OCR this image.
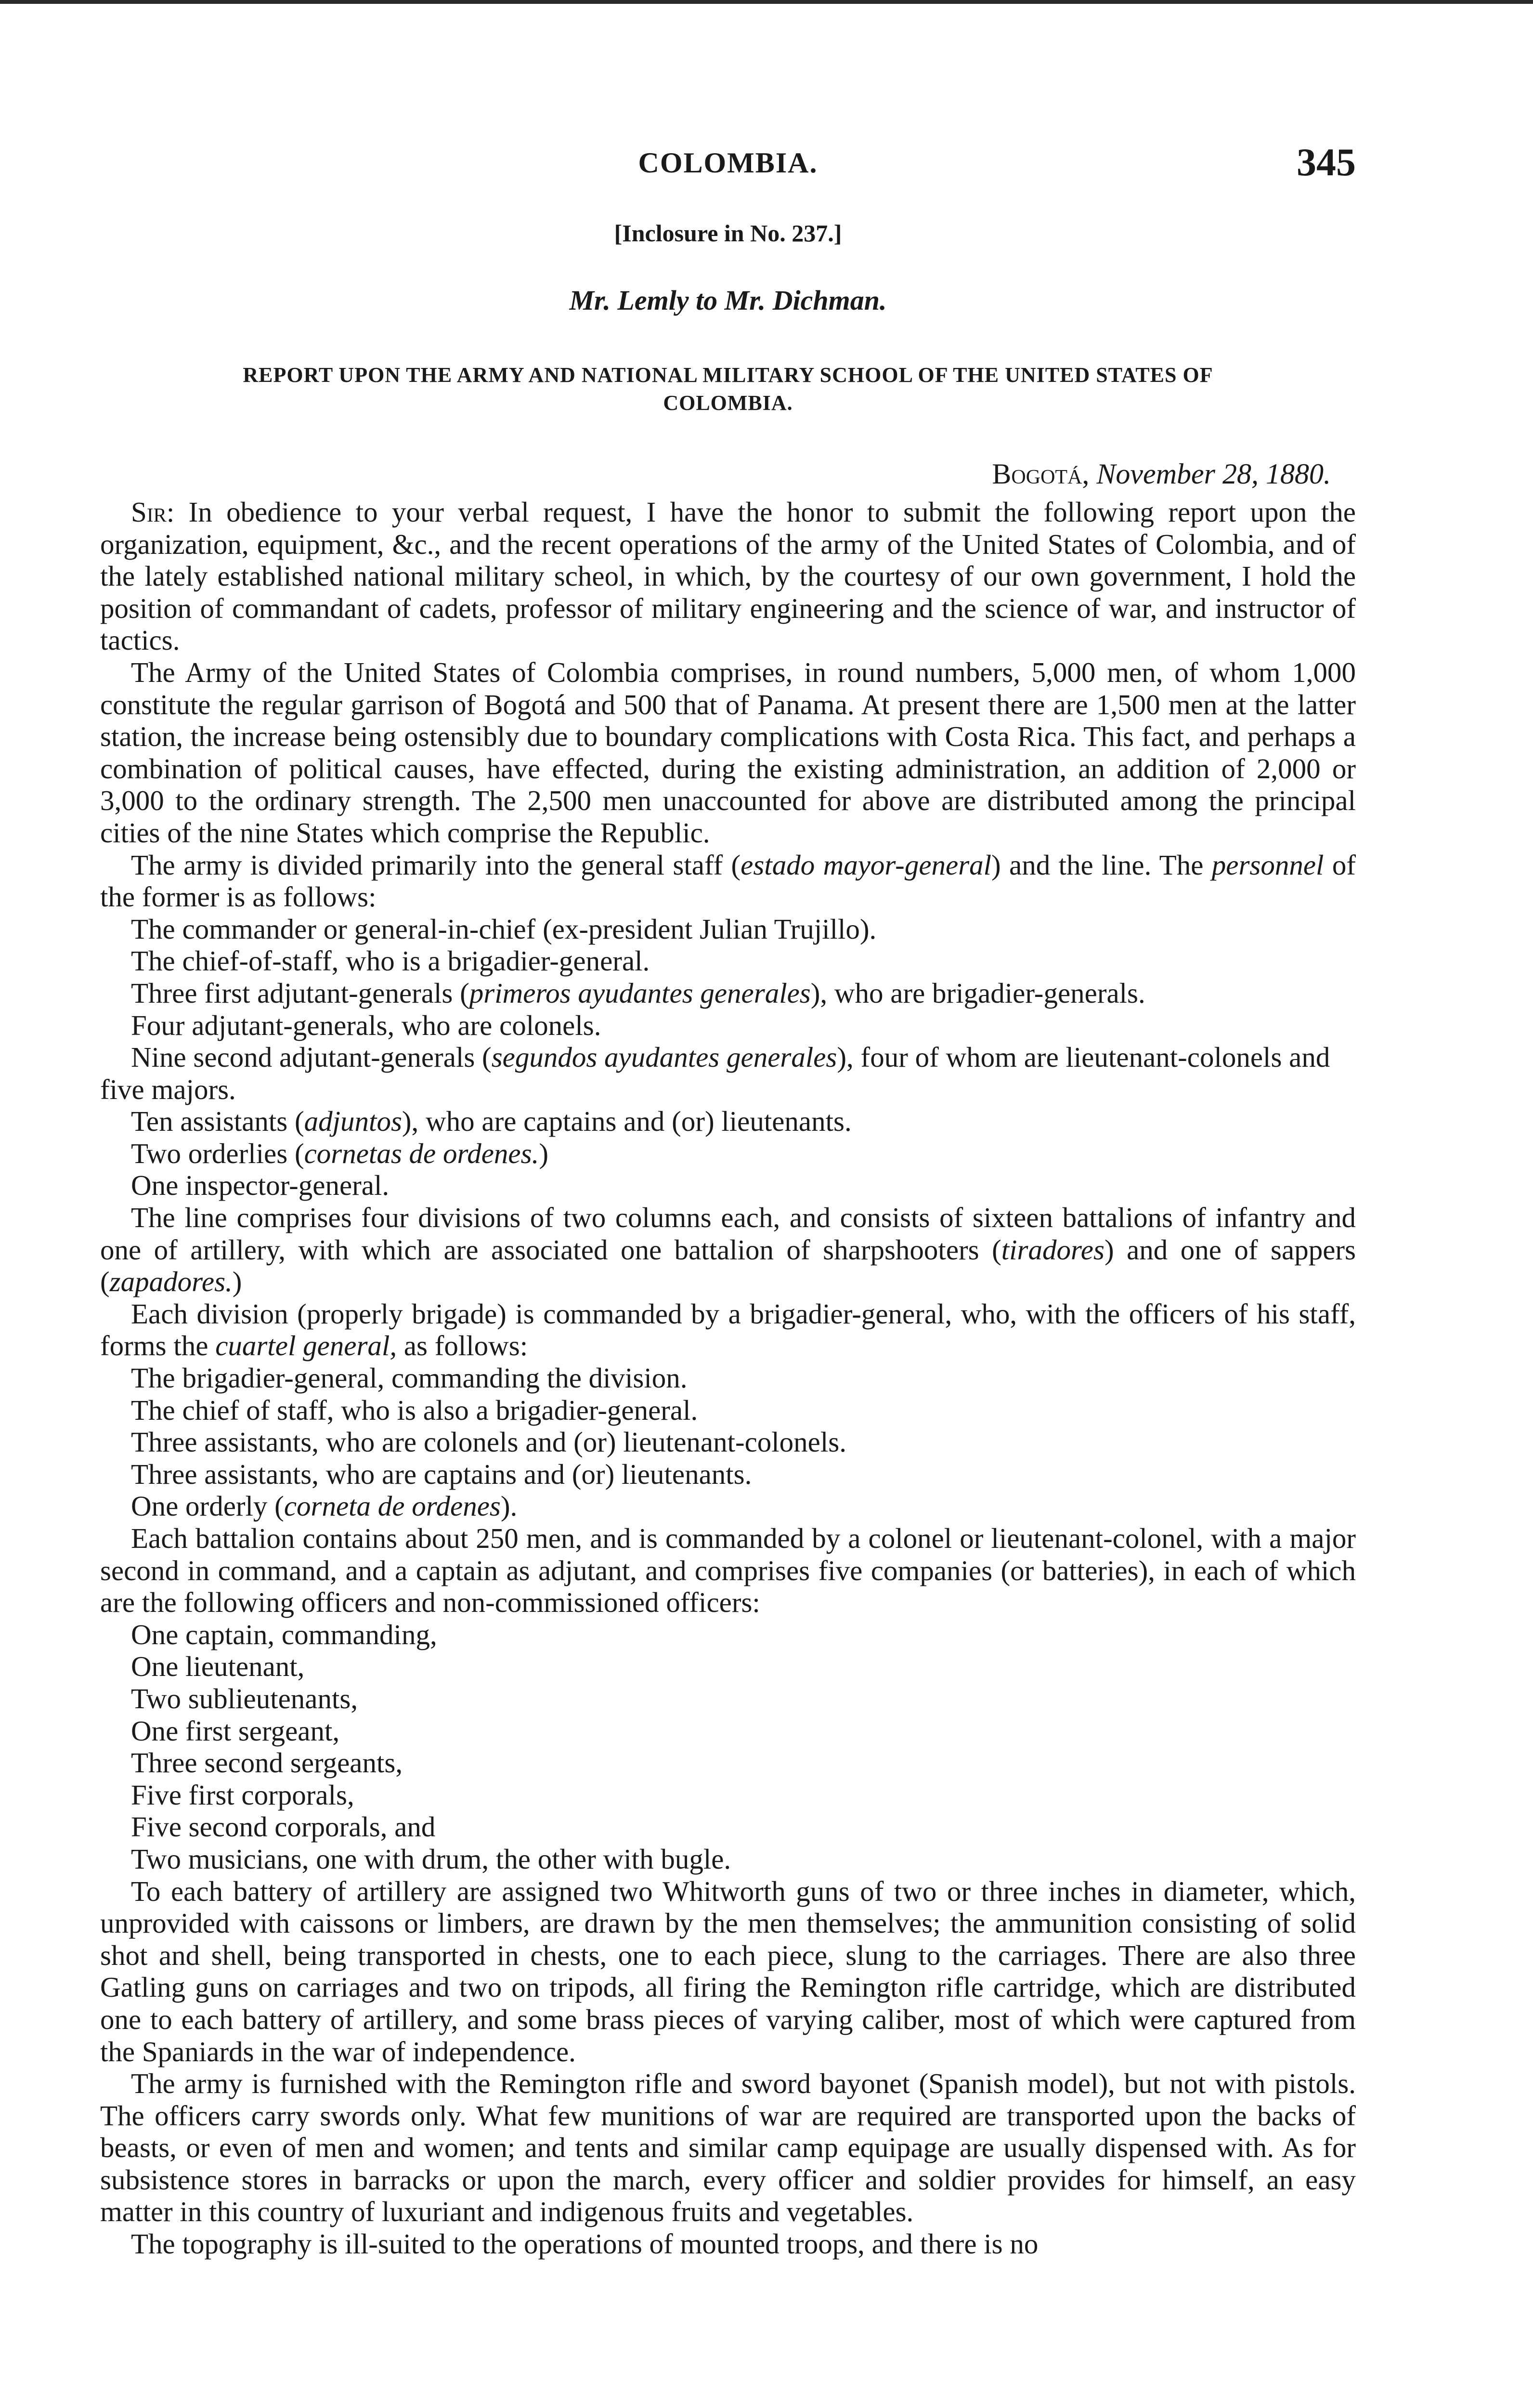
COLOMBIA.	345
[Inclosure in No. 237.]
Mr. Lemly to Mr. Dichman.
REPORT UPON THE ARMY AND NATIONAL MILITARY SCHOOL OF THE UNITED STATES OF
COLOMBIA.
Bogotá, November 28, 1880.

Sir: In obedience to your verbal request, I have the honor to submit the following report upon the organization, equipment, &c., and the recent operations of the army of the United States of Colombia, and of the lately established national military scheol, in which, by the courtesy of our own government, I hold the position of commandant of cadets, professor of military engineering and the science of war, and instructor of tactics.

The Army of the United States of Colombia comprises, in round numbers, 5,000 men, of whom 1,000 constitute the regular garrison of Bogotá and 500 that of Panama. At present there are 1,500 men at the latter station, the increase being ostensibly due to boundary complications with Costa Rica. This fact, and perhaps a combination of political causes, have effected, during the existing administration, an addition of 2,000 or 3,000 to the ordinary strength. The 2,500 men unaccounted for above are distributed among the principal cities of the nine States which comprise the Republic.

The army is divided primarily into the general staff (estado mayor-general) and the line. The personnel of the former is as follows:

The commander or general-in-chief (ex-president Julian Trujillo).

The chief-of-staff, who is a brigadier-general.

Three first adjutant-generals (primeros ayudantes generales), who are brigadier-generals.

Four adjutant-generals, who are colonels.

Nine second adjutant-generals (segundos ayudantes generales), four of whom are lieutenant-colonels and five majors.

Ten assistants (adjuntos), who are captains and (or) lieutenants.

Two orderlies (cornetas de ordenes.)

One inspector-general.

The line comprises four divisions of two columns each, and consists of sixteen battalions of infantry and one of artillery, with which are associated one battalion of sharpshooters (tiradores) and one of sappers (zapadores.)

Each division (properly brigade) is commanded by a brigadier-general, who, with the officers of his staff, forms the cuartel general, as follows:

The brigadier-general, commanding the division.

The chief of staff, who is also a brigadier-general.

Three assistants, who are colonels and (or) lieutenant-colonels.

Three assistants, who are captains and (or) lieutenants.

One orderly (corneta de ordenes).

Each battalion contains about 250 men, and is commanded by a colonel or lieutenant-colonel, with a major second in command, and a captain as adjutant, and comprises five companies (or batteries), in each of which are the following officers and non-commissioned officers:

One captain, commanding,

One lieutenant,

Two sublieutenants,

One first sergeant,

Three second sergeants,

Five first corporals,

Five second corporals, and

Two musicians, one with drum, the other with bugle.

To each battery of artillery are assigned two Whitworth guns of two or three inches in diameter, which, unprovided with caissons or limbers, are drawn by the men themselves; the ammunition consisting of solid shot and shell, being transported in chests, one to each piece, slung to the carriages. There are also three Gatling guns on carriages and two on tripods, all firing the Remington rifle cartridge, which are distributed one to each battery of artillery, and some brass pieces of varying caliber, most of which were captured from the Spaniards in the war of independence.

The army is furnished with the Remington rifle and sword bayonet (Spanish model), but not with pistols. The officers carry swords only. What few munitions of war are required are transported upon the backs of beasts, or even of men and women; and tents and similar camp equipage are usually dispensed with. As for subsistence stores in barracks or upon the march, every officer and soldier provides for himself, an easy matter in this country of luxuriant and indigenous fruits and vegetables.

The topography is ill-suited to the operations of mounted troops, and there is no
